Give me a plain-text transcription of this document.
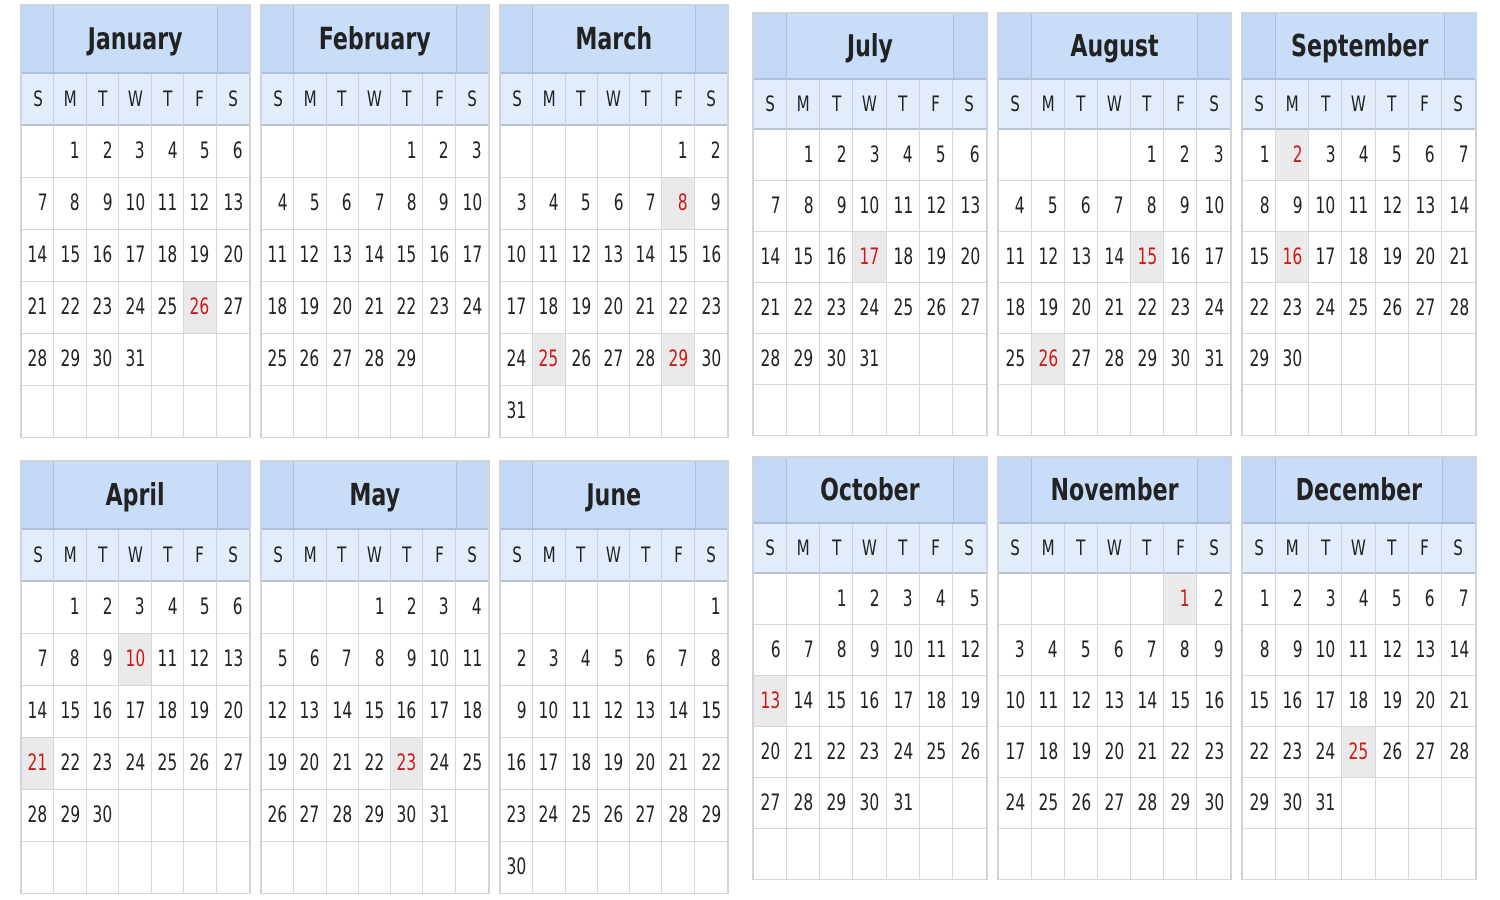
January
S M T W T F S
1 2 3 4 5 6
7 8 9 10 11 12 13
14 15 16 17 18 19 20
21 22 23 24 25 26 27
28 29 30 31
February
S M T W T F S
1 2 3
4 5 6 7 8 9 10
11 12 13 14 15 16 17
18 19 20 21 22 23 24
25 26 27 28 29
March
S M T W T F S
1 2
3 4 5 6 7 8 9
10 11 12 13 14 15 16
17 18 19 20 21 22 23
24 25 26 27 28 29 30
31
April
S M T W T F S
1 2 3 4 5 6
7 8 9 10 11 12 13
14 15 16 17 18 19 20
21 22 23 24 25 26 27
28 29 30
May
S M T W T F S
1 2 3 4
5 6 7 8 9 10 11
12 13 14 15 16 17 18
19 20 21 22 23 24 25
26 27 28 29 30 31
June
S M T W T F S
1
2 3 4 5 6 7 8
9 10 11 12 13 14 15
16 17 18 19 20 21 22
23 24 25 26 27 28 29
30
July
S M T W T F S
1 2 3 4 5 6
7 8 9 10 11 12 13
14 15 16 17 18 19 20
21 22 23 24 25 26 27
28 29 30 31
August
S M T W T F S
1 2 3
4 5 6 7 8 9 10
11 12 13 14 15 16 17
18 19 20 21 22 23 24
25 26 27 28 29 30 31
September
S M T W T F S
1 2 3 4 5 6 7
8 9 10 11 12 13 14
15 16 17 18 19 20 21
22 23 24 25 26 27 28
29 30
October
S M T W T F S
1 2 3 4 5
6 7 8 9 10 11 12
13 14 15 16 17 18 19
20 21 22 23 24 25 26
27 28 29 30 31
November
S M T W T F S
1 2
3 4 5 6 7 8 9
10 11 12 13 14 15 16
17 18 19 20 21 22 23
24 25 26 27 28 29 30
December
S M T W T F S
1 2 3 4 5 6 7
8 9 10 11 12 13 14
15 16 17 18 19 20 21
22 23 24 25 26 27 28
29 30 31
